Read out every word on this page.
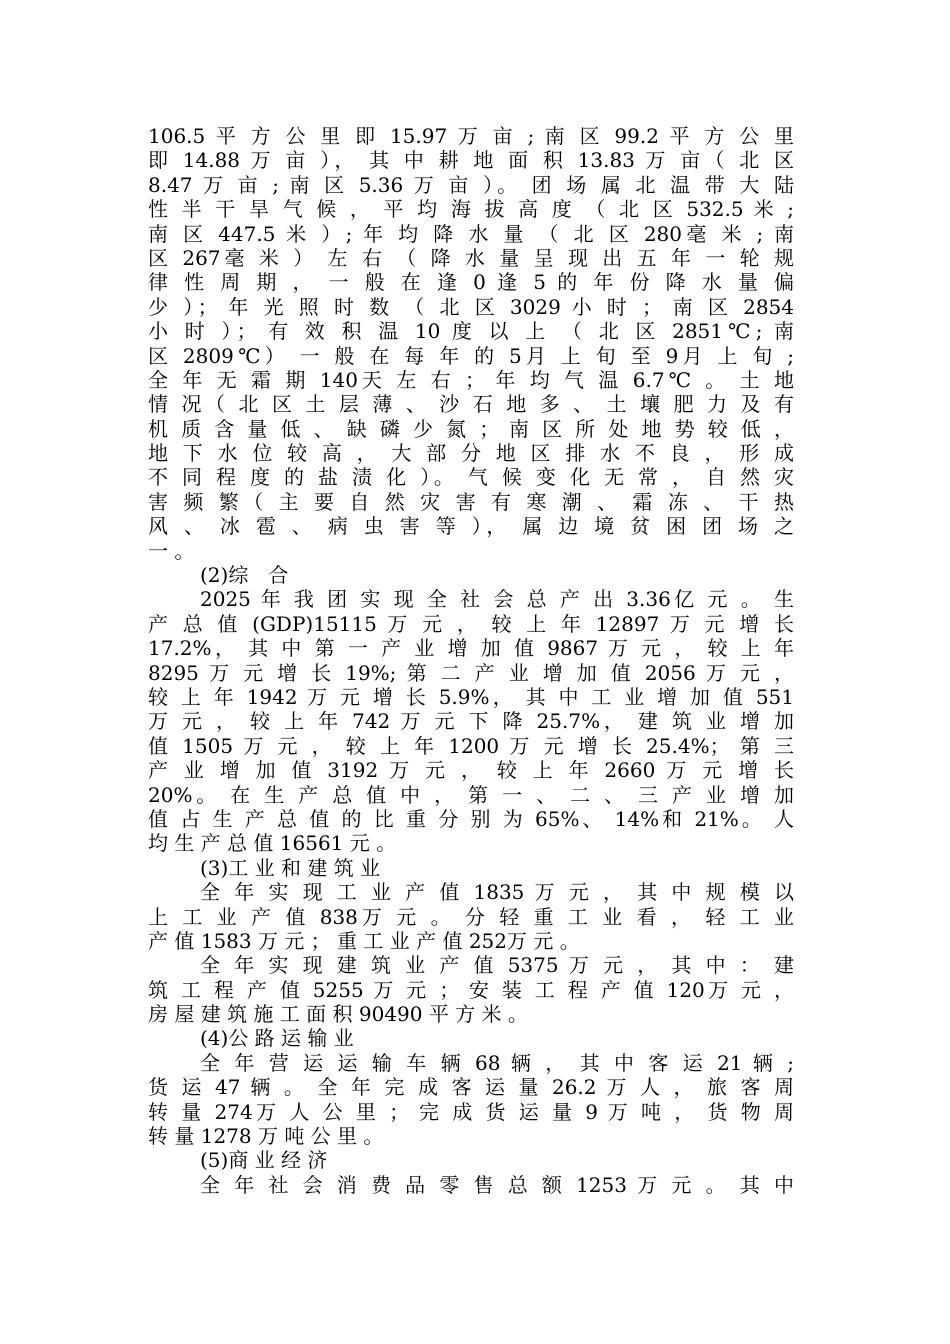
106.5 平 方 公 里 即 15.97 万 亩 ; 南 区 99.2 平 方 公 里
即 14.88 万 亩 ）， 其 中 耕 地 面 积 13.83 万 亩（ 北 区
8.47 万 亩 ; 南 区 5.36 万 亩 ）。 团 场 属 北 温 带 大 陆
性 半 干 旱 气 候 ， 平 均 海 拔 高 度 （ 北 区 532.5 米 ;
南 区 447.5 米 ）; 年 均 降 水 量 （ 北 区 280毫 米 ; 南
区 267毫 米 ） 左 右 （ 降 水 量 呈 现 出 五 年 一 轮 规
律 性 周 期 ， 一 般 在 逢 0 逢 5 的 年 份 降 水 量 偏
少 ）； 年 光 照 时 数 （ 北 区 3029 小 时 ； 南 区 2854
小 时 ）； 有 效 积 温 10 度 以 上 （ 北 区 2851℃; 南
区 2809℃） 一 般 在 每 年 的 5月 上 旬 至 9月 上 旬 ;
全 年 无 霜 期 140天 左 右 ； 年 均 气 温 6.7℃ 。 土 地
情 况（ 北 区 土 层 薄 、 沙 石 地 多 、 土 壤 肥 力 及 有
机 质 含 量 低 、 缺 磷 少 氮 ； 南 区 所 处 地 势 较 低 ，
地 下 水 位 较 高 ， 大 部 分 地 区 排 水 不 良 ， 形 成
不 同 程 度 的 盐 渍 化 ）。 气 候 变 化 无 常 ， 自 然 灾
害 频 繁（ 主 要 自 然 灾 害 有 寒 潮 、 霜 冻 、 干 热
风 、 冰 雹 、 病 虫 害 等 ）， 属 边 境 贫 困 团 场 之
一 。
(2)综　合
2025 年 我 团 实 现 全 社 会 总 产 出 3.36亿 元 。 生
产 总 值 (GDP)15115 万 元 ， 较 上 年 12897 万 元 增 长
17.2%， 其 中 第 一 产 业 增 加 值 9867 万 元 ， 较 上 年
8295 万 元 增 长 19%; 第 二 产 业 增 加 值 2056 万 元 ，
较 上 年 1942 万 元 增 长 5.9%， 其 中 工 业 增 加 值 551
万 元 ， 较 上 年 742 万 元 下 降 25.7%， 建 筑 业 增 加
值 1505 万 元 ， 较 上 年 1200 万 元 增 长 25.4%； 第 三
产 业 增 加 值 3192 万 元 ， 较 上 年 2660 万 元 增 长
20%。 在 生 产 总 值 中 ， 第 一 、 二 、 三 产 业 增 加
值 占 生 产 总 值 的 比 重 分 别 为 65%、 14%和 21%。 人
均 生 产 总 值 16561 元 。
(3)工 业 和 建 筑 业
全 年 实 现 工 业 产 值 1835 万 元 ， 其 中 规 模 以
上 工 业 产 值 838万 元 。 分 轻 重 工 业 看 ， 轻 工 业
产 值 1583 万 元 ； 重 工 业 产 值 252万 元 。
全 年 实 现 建 筑 业 产 值 5375 万 元 ， 其 中 ： 建
筑 工 程 产 值 5255 万 元 ； 安 装 工 程 产 值 120万 元 ，
房 屋 建 筑 施 工 面 积 90490 平 方 米 。
(4)公 路 运 输 业
全 年 营 运 运 输 车 辆 68 辆 ， 其 中 客 运 21 辆 ;
货 运 47 辆 。 全 年 完 成 客 运 量 26.2 万 人 ， 旅 客 周
转 量 274万 人 公 里 ； 完 成 货 运 量 9 万 吨 ， 货 物 周
转 量 1278 万 吨 公 里 。
(5)商 业 经 济
全 年 社 会 消 费 品 零 售 总 额 1253 万 元 。 其 中
